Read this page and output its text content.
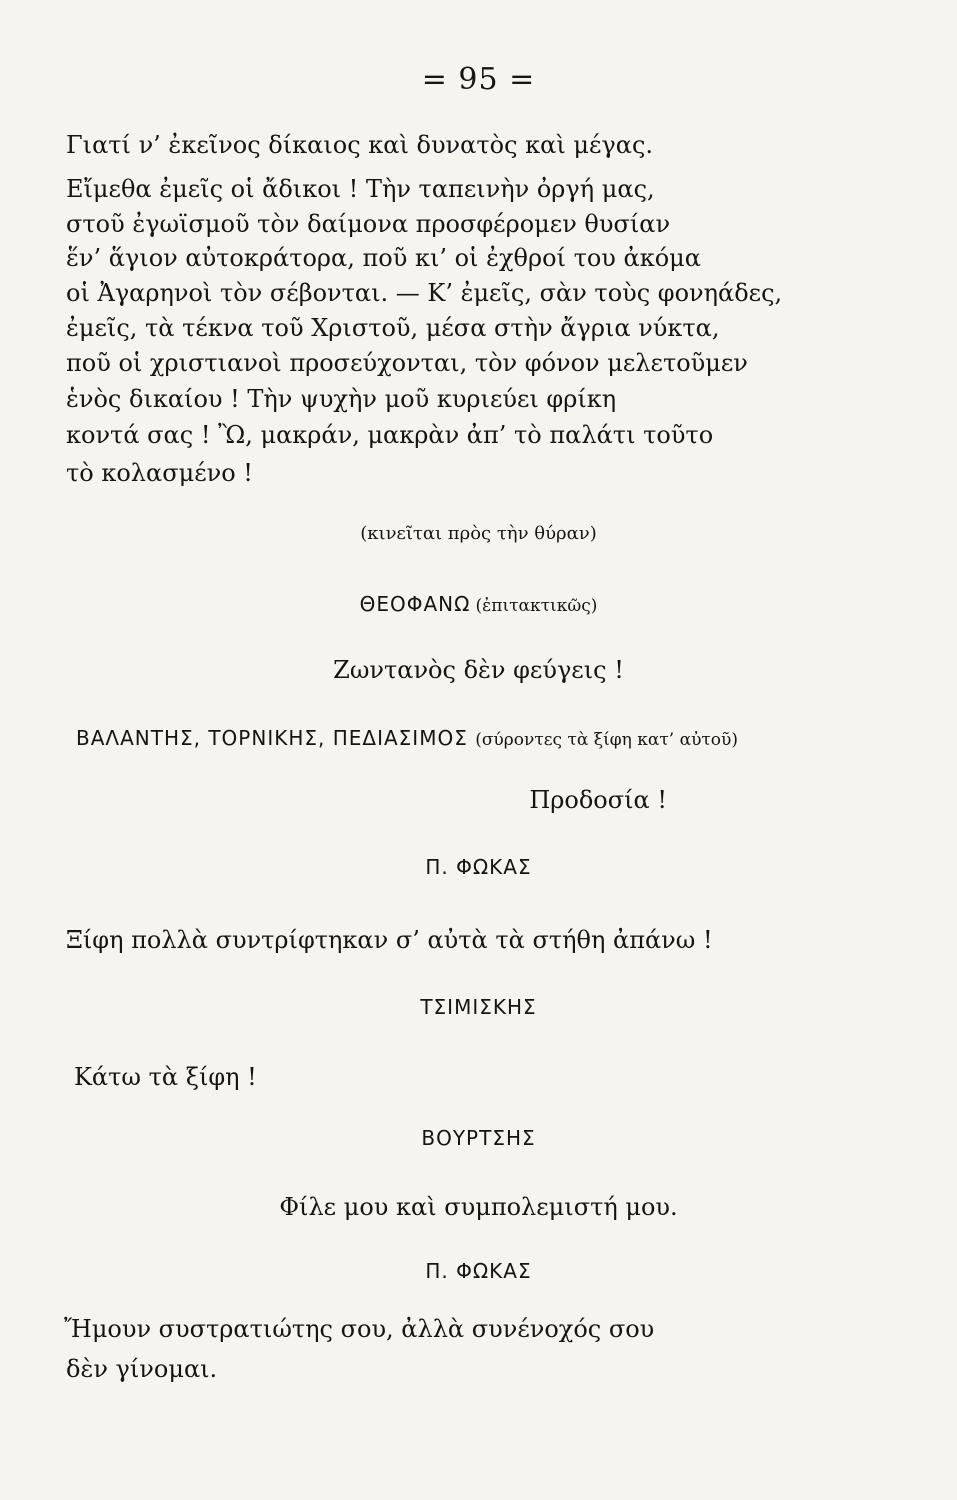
= 95 =
Γιατί ν’ ἐκεῖνος δίκαιος καὶ δυνατὸς καὶ μέγας.
Εἴμεθα ἐμεῖς οἱ ἄδικοι ! Τὴν ταπεινὴν ὀργή μας,
στοῦ ἐγωϊσμοῦ τὸν δαίμονα προσφέρομεν θυσίαν
ἕν’ ἅγιον αὐτοκράτορα, ποῦ κι’ οἱ ἐχθροί του ἀκόμα
οἱ Ἀγαρηνοὶ τὸν σέβονται. — Κ’ ἐμεῖς, σὰν τοὺς φονηάδες,
ἐμεῖς, τὰ τέκνα τοῦ Χριστοῦ, μέσα στὴν ἄγρια νύκτα,
ποῦ οἱ χριστιανοὶ προσεύχονται, τὸν φόνον μελετοῦμεν
ἑνὸς δικαίου ! Τὴν ψυχὴν μοῦ κυριεύει φρίκη
κοντά σας ! Ὢ, μακράν, μακρὰν ἀπ’ τὸ παλάτι τοῦτο
τὸ κολασμένο !
(κινεῖται πρὸς τὴν θύραν)
ΘΕΟΦΑΝΩ (ἐπιτακτικῶς)
Ζωντανὸς δὲν φεύγεις !
ΒΑΛΑΝΤΗΣ, ΤΟΡΝΙΚΗΣ, ΠΕΔΙΑΣΙΜΟΣ (σύροντες τὰ ξίφη κατ’ αὐτοῦ)
Προδοσία !
Π. ΦΩΚΑΣ
Ξίφη πολλὰ συντρίφτηκαν σ’ αὐτὰ τὰ στήθη ἀπάνω !
ΤΣΙΜΙΣΚΗΣ
Κάτω τὰ ξίφη !
ΒΟΥΡΤΣΗΣ
Φίλε μου καὶ συμπολεμιστή μου.
Π. ΦΩΚΑΣ
Ἤμουν συστρατιώτης σου, ἀλλὰ συνένοχός σου
δὲν γίνομαι.
